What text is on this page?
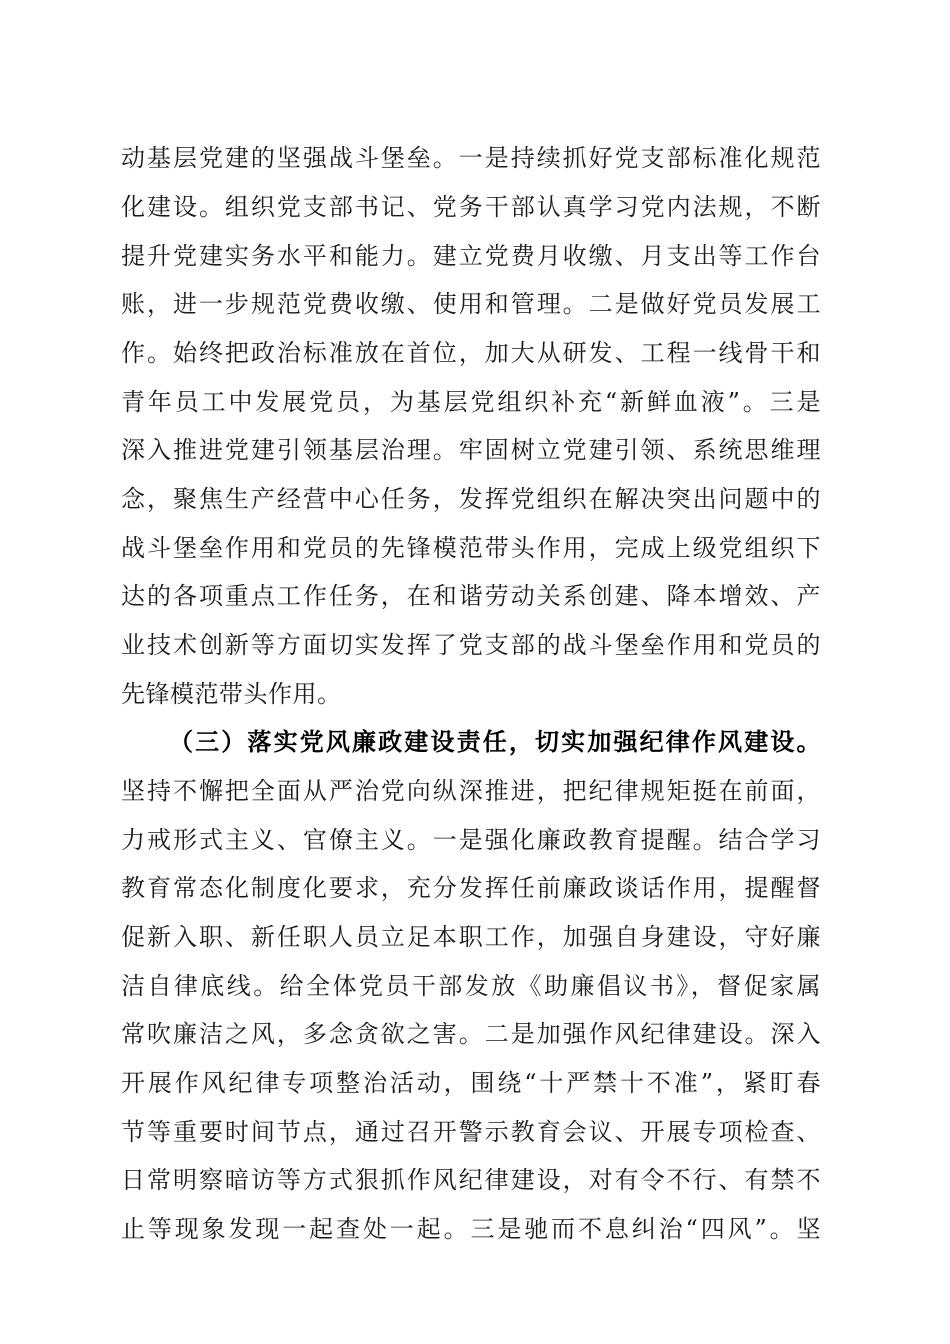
动基层党建的坚强战斗堡垒。一是持续抓好党支部标准化规范
化建设。组织党支部书记、党务干部认真学习党内法规，不断
提升党建实务水平和能力。建立党费月收缴、月支出等工作台
账，进一步规范党费收缴、使用和管理。二是做好党员发展工
作。始终把政治标准放在首位，加大从研发、工程一线骨干和
青年员工中发展党员，为基层党组织补充“新鲜血液”。三是
深入推进党建引领基层治理。牢固树立党建引领、系统思维理
念，聚焦生产经营中心任务，发挥党组织在解决突出问题中的
战斗堡垒作用和党员的先锋模范带头作用，完成上级党组织下
达的各项重点工作任务，在和谐劳动关系创建、降本增效、产
业技术创新等方面切实发挥了党支部的战斗堡垒作用和党员的
先锋模范带头作用。
（三）落实党风廉政建设责任，切实加强纪律作风建设。
坚持不懈把全面从严治党向纵深推进，把纪律规矩挺在前面，
力戒形式主义、官僚主义。一是强化廉政教育提醒。结合学习
教育常态化制度化要求，充分发挥任前廉政谈话作用，提醒督
促新入职、新任职人员立足本职工作，加强自身建设，守好廉
洁自律底线。给全体党员干部发放《助廉倡议书》，督促家属
常吹廉洁之风，多念贪欲之害。二是加强作风纪律建设。深入
开展作风纪律专项整治活动，围绕“十严禁十不准”，紧盯春
节等重要时间节点，通过召开警示教育会议、开展专项检查、
日常明察暗访等方式狠抓作风纪律建设，对有令不行、有禁不
止等现象发现一起查处一起。三是驰而不息纠治“四风”。坚
